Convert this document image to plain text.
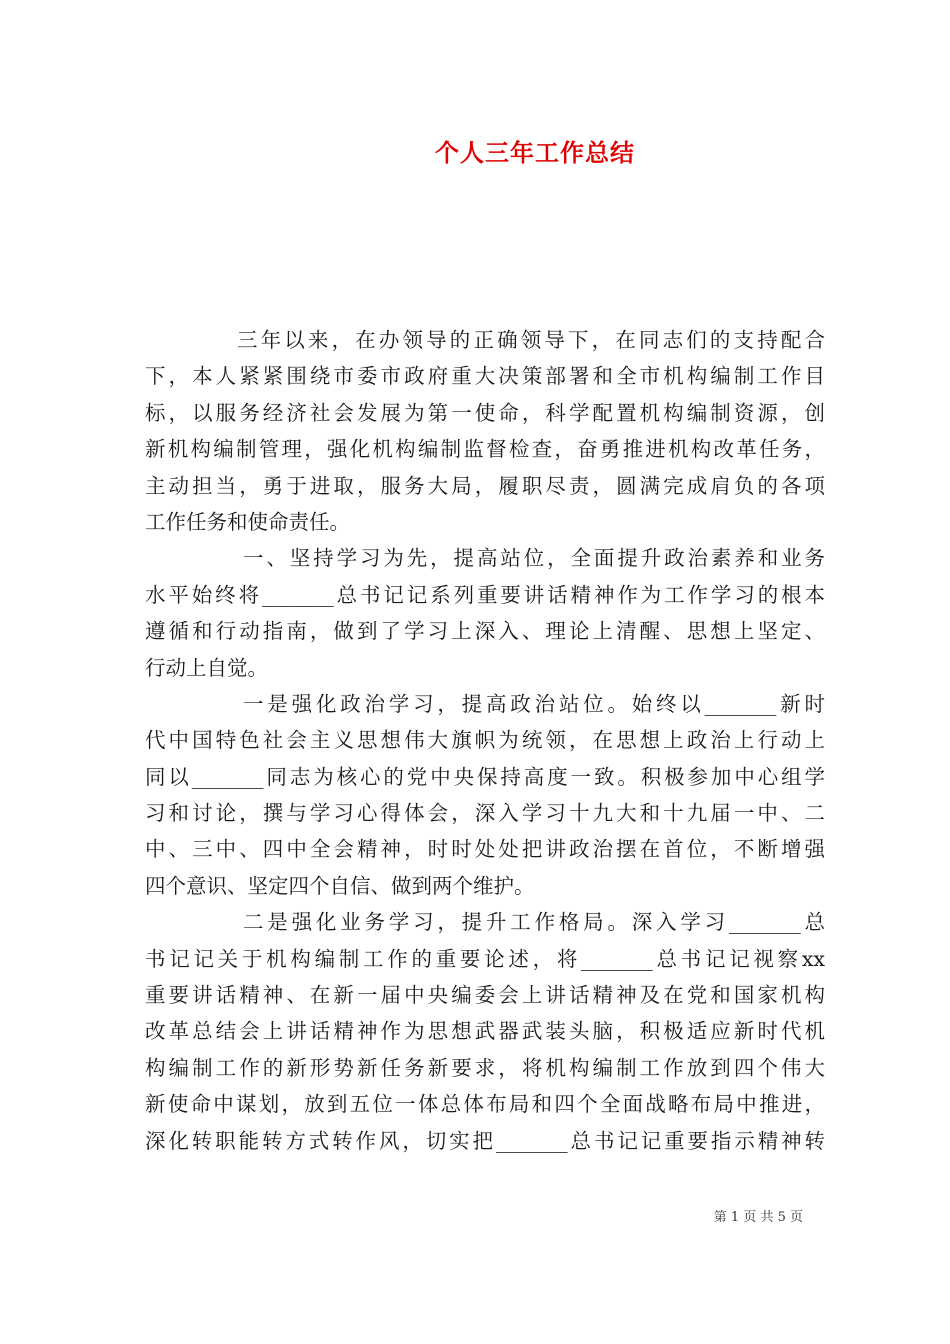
个人三年工作总结
三年以来，在办领导的正确领导下，在同志们的支持配合
下，本人紧紧围绕市委市政府重大决策部署和全市机构编制工作目
标，以服务经济社会发展为第一使命，科学配置机构编制资源，创
新机构编制管理，强化机构编制监督检查，奋勇推进机构改革任务，
主动担当，勇于进取，服务大局，履职尽责，圆满完成肩负的各项
工作任务和使命责任。
一、坚持学习为先，提高站位，全面提升政治素养和业务
水平始终将_______总书记记系列重要讲话精神作为工作学习的根本
遵循和行动指南，做到了学习上深入、理论上清醒、思想上坚定、
行动上自觉。
一是强化政治学习，提高政治站位。始终以_______新时
代中国特色社会主义思想伟大旗帜为统领，在思想上政治上行动上
同以_______同志为核心的党中央保持高度一致。积极参加中心组学
习和讨论，撰与学习心得体会，深入学习十九大和十九届一中、二
中、三中、四中全会精神，时时处处把讲政治摆在首位，不断增强
四个意识、坚定四个自信、做到两个维护。
二是强化业务学习，提升工作格局。深入学习_______总
书记记关于机构编制工作的重要论述，将_______总书记记视察xx
重要讲话精神、在新一届中央编委会上讲话精神及在党和国家机构
改革总结会上讲话精神作为思想武器武装头脑，积极适应新时代机
构编制工作的新形势新任务新要求，将机构编制工作放到四个伟大
新使命中谋划，放到五位一体总体布局和四个全面战略布局中推进，
深化转职能转方式转作风，切实把_______总书记记重要指示精神转
第 1 页 共 5 页
